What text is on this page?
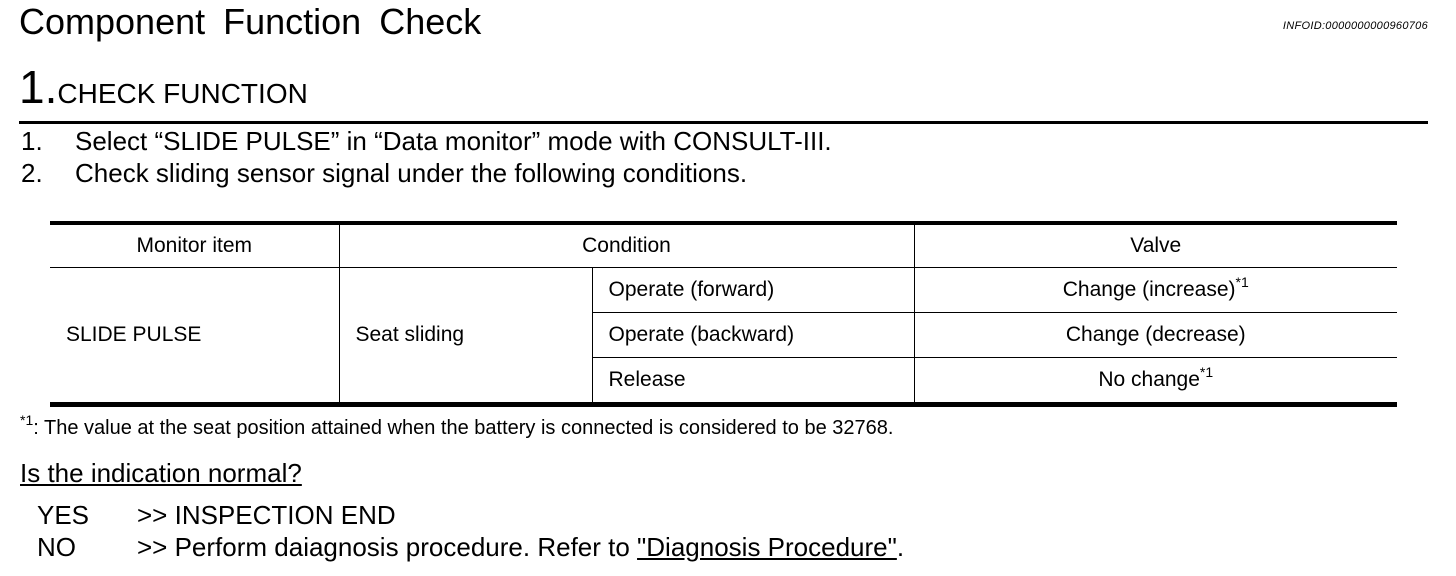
Component Function Check	INFOID:0000000000960706
1.CHECK FUNCTION
1. Select “SLIDE PULSE” in “Data monitor” mode with CONSULT-III.
2. Check sliding sensor signal under the following conditions.
Monitor item	Condition		Valve
SLIDE PULSE	Seat sliding	Operate (forward)	Change (increase)$^{*1}$
		Operate (backward)	Change (decrease)
		Release	No change$^{*1}$
$^{*1}$: The value at the seat position attained when the battery is connected is considered to be 32768.
Is the indication normal?
YES >> INSPECTION END
NO >> Perform daiagnosis procedure. Refer to "Diagnosis Procedure".
